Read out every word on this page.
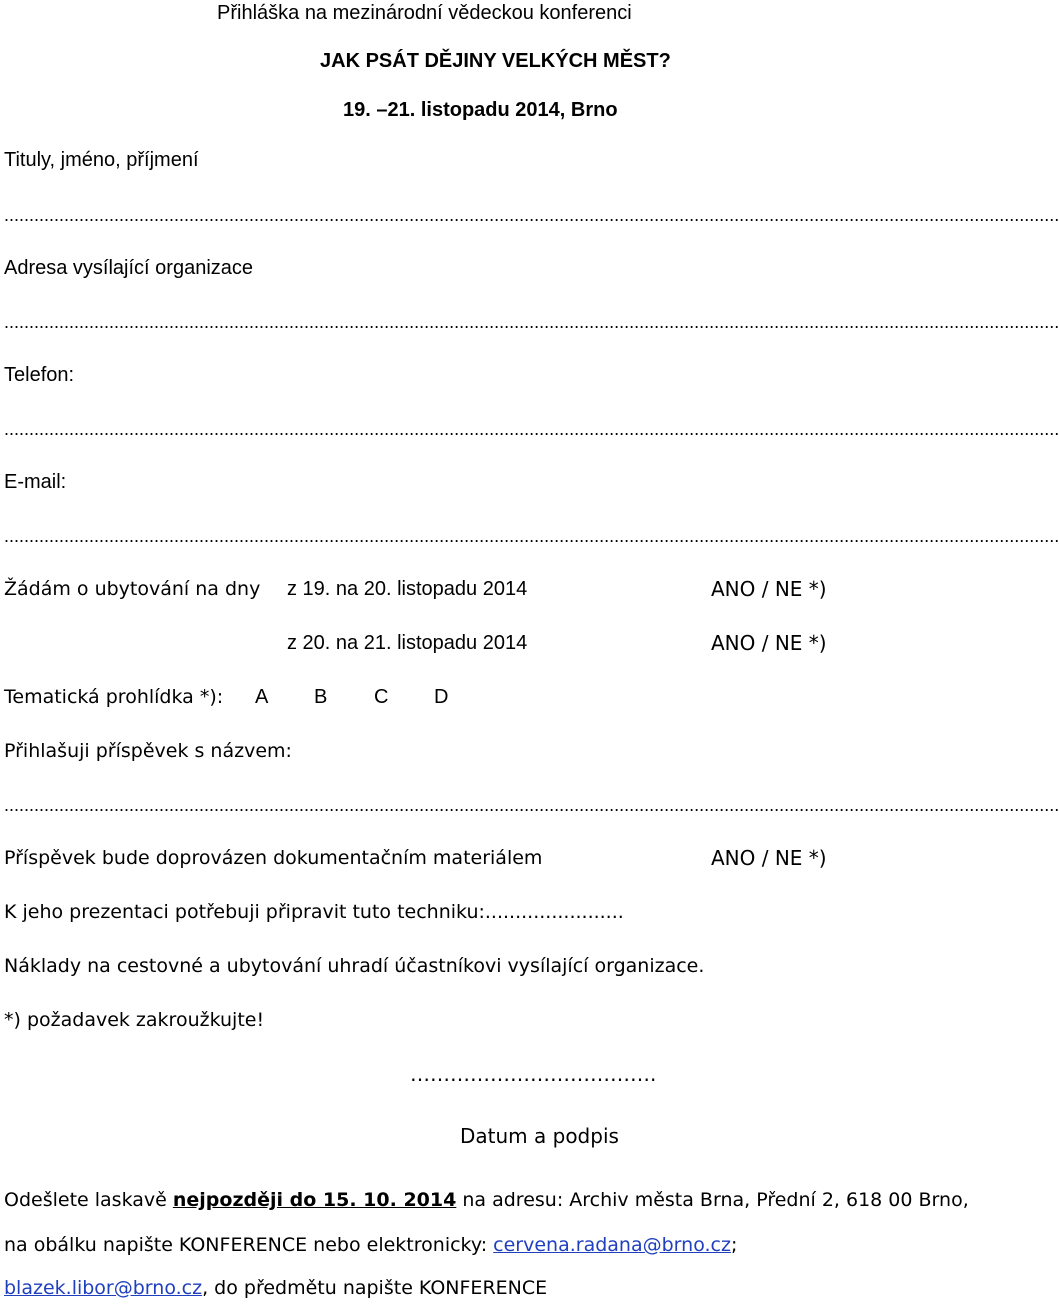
Přihláška na mezinárodní vědeckou konferenci
JAK PSÁT DĚJINY VELKÝCH MĚST?
19. –21. listopadu 2014, Brno
Tituly, jméno, příjmení
...................................................................................................................................................................................................................
Adresa vysílající organizace
...................................................................................................................................................................................................................
Telefon:
...................................................................................................................................................................................................................
E-mail:
...................................................................................................................................................................................................................
Žádám o ubytování na dny z 19. na 20. listopadu 2014	ANO / NE *)
z 20. na 21. listopadu 2014	ANO / NE *)
Tematická prohlídka *): A B C D
Přihlašuji příspěvek s názvem:
...................................................................................................................................................................................................................
Příspěvek bude doprovázen dokumentačním materiálem	ANO / NE *)
K jeho prezentaci potřebuji připravit tuto techniku:.......................
Náklady na cestovné a ubytování uhradí účastníkovi vysílající organizace.
*) požadavek zakroužkujte!
……………………………….
Datum a podpis
Odešlete laskavě nejpozději do 15. 10. 2014 na adresu: Archiv města Brna, Přední 2, 618 00 Brno,
na obálku napište KONFERENCE nebo elektronicky: cervena.radana@brno.cz;
blazek.libor@brno.cz, do předmětu napište KONFERENCE
